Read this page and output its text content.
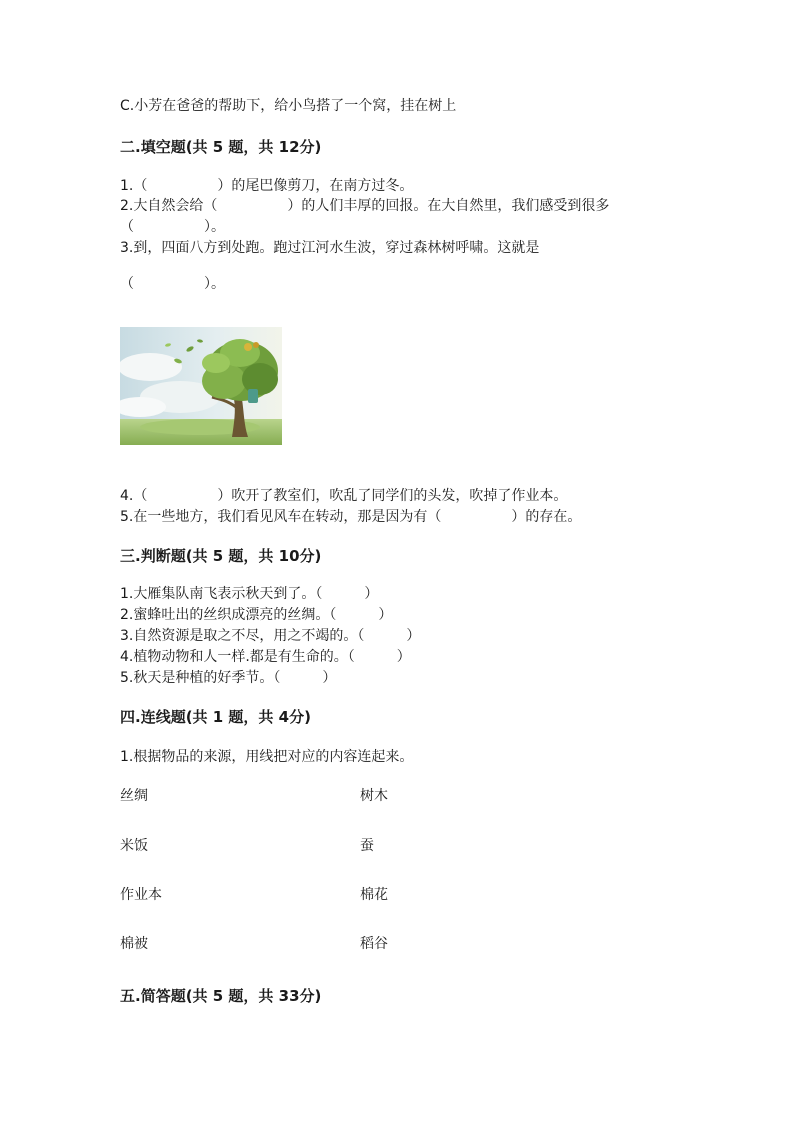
C.小芳在爸爸的帮助下，给小鸟搭了一个窝，挂在树上
二.填空题(共 5 题，共 12分)
1.（　　　　　）的尾巴像剪刀，在南方过冬。
2.大自然会给（　　　　　）的人们丰厚的回报。在大自然里，我们感受到很多
（　　　　　）。
3.到，四面八方到处跑。跑过江河水生波，穿过森林树呼啸。这就是
（　　　　　）。
4.（　　　　　）吹开了教室们，吹乱了同学们的头发，吹掉了作业本。
5.在一些地方，我们看见风车在转动，那是因为有（　　　　　）的存在。
三.判断题(共 5 题，共 10分)
1.大雁集队南飞表示秋天到了。（　　　）
2.蜜蜂吐出的丝织成漂亮的丝绸。（　　　）
3.自然资源是取之不尽，用之不竭的。（　　　）
4.植物动物和人一样.都是有生命的。（　　　）
5.秋天是种植的好季节。（　　　）
四.连线题(共 1 题，共 4分)
1.根据物品的来源，用线把对应的内容连起来。
丝绸	树木
米饭	蚕
作业本	棉花
棉被	稻谷
五.简答题(共 5 题，共 33分)
